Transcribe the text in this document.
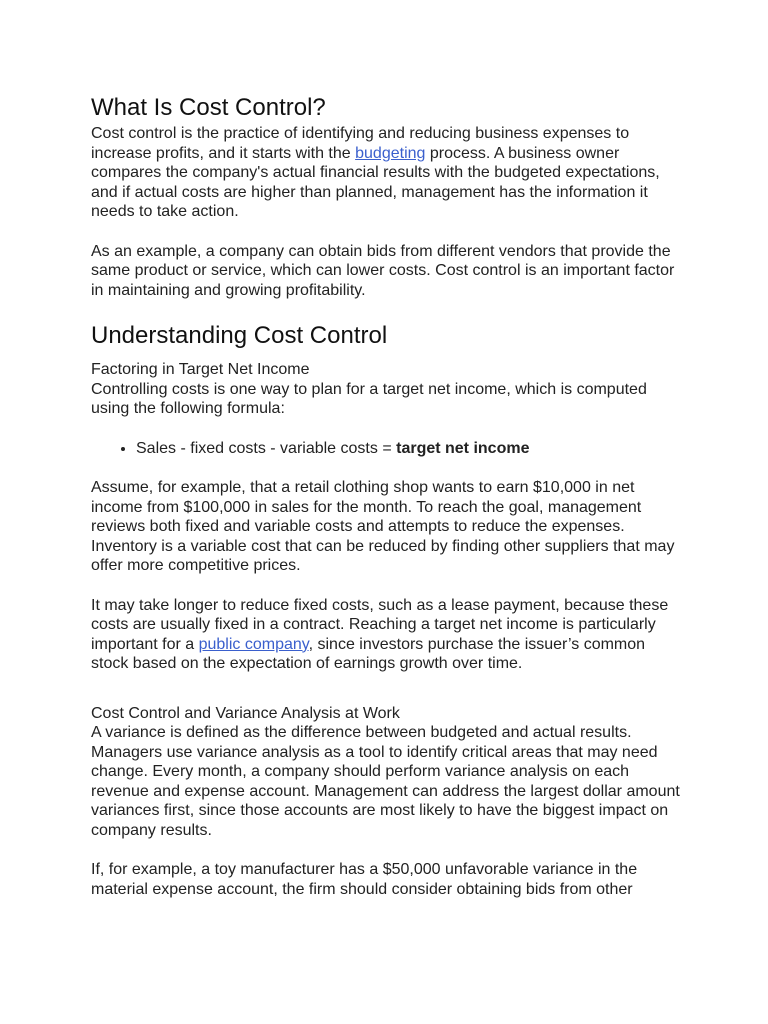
What Is Cost Control?

Cost control is the practice of identifying and reducing business expenses to increase profits, and it starts with the budgeting process. A business owner compares the company's actual financial results with the budgeted expectations, and if actual costs are higher than planned, management has the information it needs to take action.

As an example, a company can obtain bids from different vendors that provide the same product or service, which can lower costs. Cost control is an important factor in maintaining and growing profitability.

Understanding Cost Control
Factoring in Target Net Income

Controlling costs is one way to plan for a target net income, which is computed using the following formula:

• Sales - fixed costs - variable costs = target net income

Assume, for example, that a retail clothing shop wants to earn $10,000 in net income from $100,000 in sales for the month. To reach the goal, management reviews both fixed and variable costs and attempts to reduce the expenses. Inventory is a variable cost that can be reduced by finding other suppliers that may offer more competitive prices.

It may take longer to reduce fixed costs, such as a lease payment, because these costs are usually fixed in a contract. Reaching a target net income is particularly important for a public company, since investors purchase the issuer’s common stock based on the expectation of earnings growth over time.

Cost Control and Variance Analysis at Work

A variance is defined as the difference between budgeted and actual results. Managers use variance analysis as a tool to identify critical areas that may need change. Every month, a company should perform variance analysis on each revenue and expense account. Management can address the largest dollar amount variances first, since those accounts are most likely to have the biggest impact on company results.

If, for example, a toy manufacturer has a $50,000 unfavorable variance in the material expense account, the firm should consider obtaining bids from other
